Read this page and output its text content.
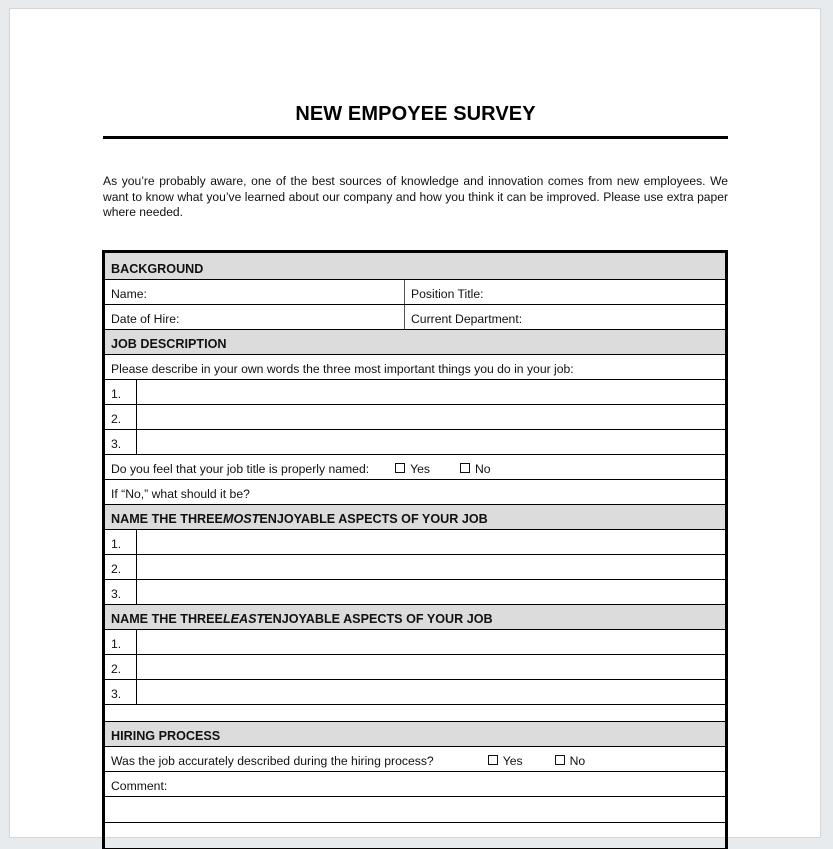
NEW EMPOYEE SURVEY
As you’re probably aware, one of the best sources of knowledge and innovation comes from new employees. We want to know what you’ve learned about our company and how you think it can be improved. Please use extra paper where needed.
BACKGROUND
Name:	Position Title:
Date of Hire:	Current Department:
JOB DESCRIPTION
Please describe in your own words the three most important things you do in your job:
1.
2.
3.
Do you feel that your job title is properly named:	Yes	No
If “No,” what should it be?
NAME THE THREE MOST ENJOYABLE ASPECTS OF YOUR JOB
1.
2.
3.
NAME THE THREE LEAST ENJOYABLE ASPECTS OF YOUR JOB
1.
2.
3.
HIRING PROCESS
Was the job accurately described during the hiring process?	Yes	No
Comment:
